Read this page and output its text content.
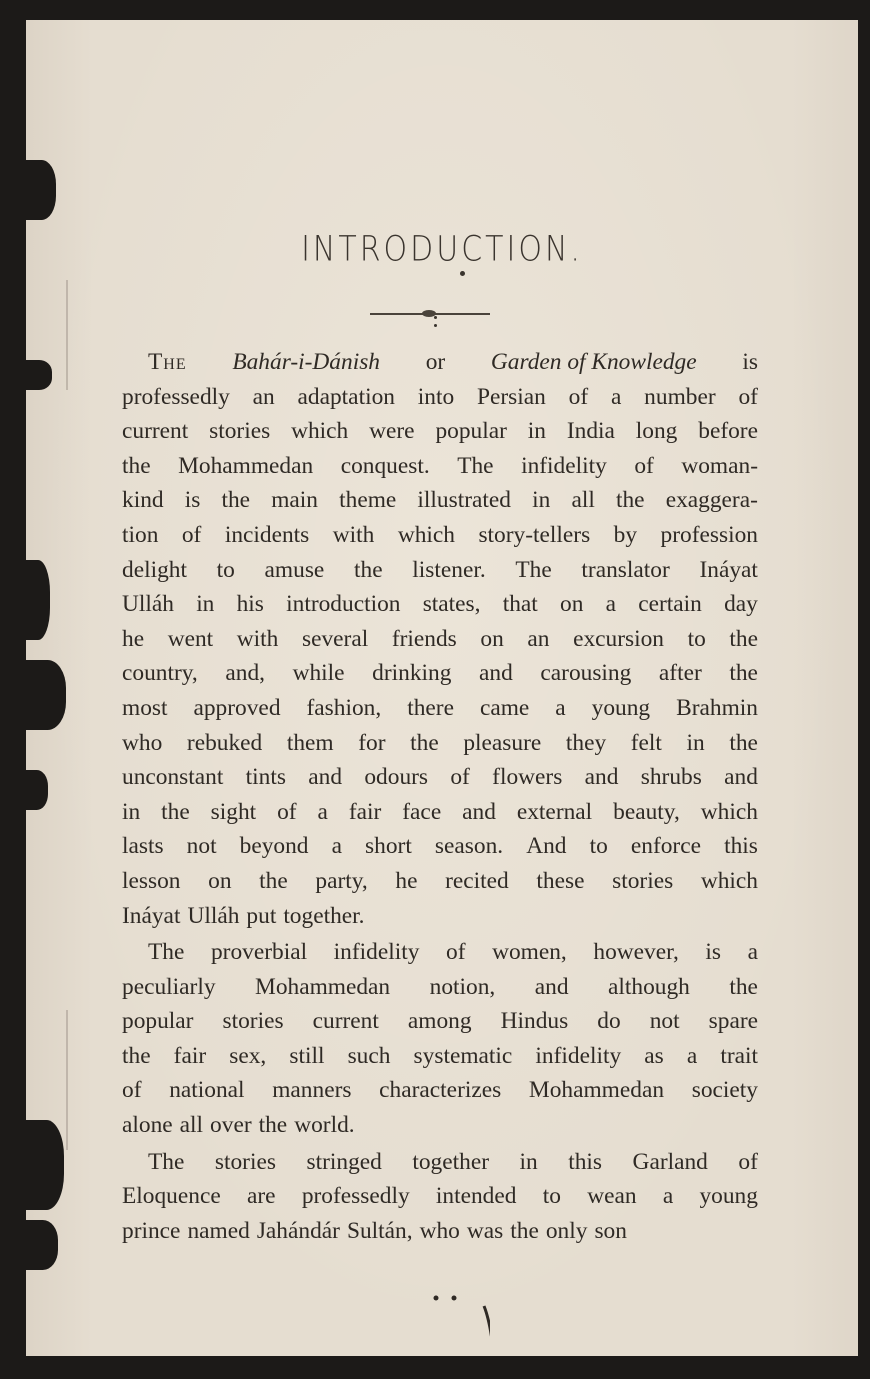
INTRODUCTION.
The Bahár-i-Dánish or Garden of Knowledge is
professedly an adaptation into Persian of a number of
current stories which were popular in India long before
the Mohammedan conquest. The infidelity of woman-
kind is the main theme illustrated in all the exaggera-
tion of incidents with which story-tellers by profession
delight to amuse the listener. The translator Ináyat
Ulláh in his introduction states, that on a certain day
he went with several friends on an excursion to the
country, and, while drinking and carousing after the
most approved fashion, there came a young Brahmin
who rebuked them for the pleasure they felt in the
unconstant tints and odours of flowers and shrubs and
in the sight of a fair face and external beauty, which
lasts not beyond a short season. And to enforce this
lesson on the party, he recited these stories which
Ináyat Ulláh put together.
The proverbial infidelity of women, however, is a
peculiarly Mohammedan notion, and although the
popular stories current among Hindus do not spare
the fair sex, still such systematic infidelity as a trait
of national manners characterizes Mohammedan society
alone all over the world.
The stories stringed together in this Garland of
Eloquence are professedly intended to wean a young
prince named Jahándár Sultán, who was the only son
